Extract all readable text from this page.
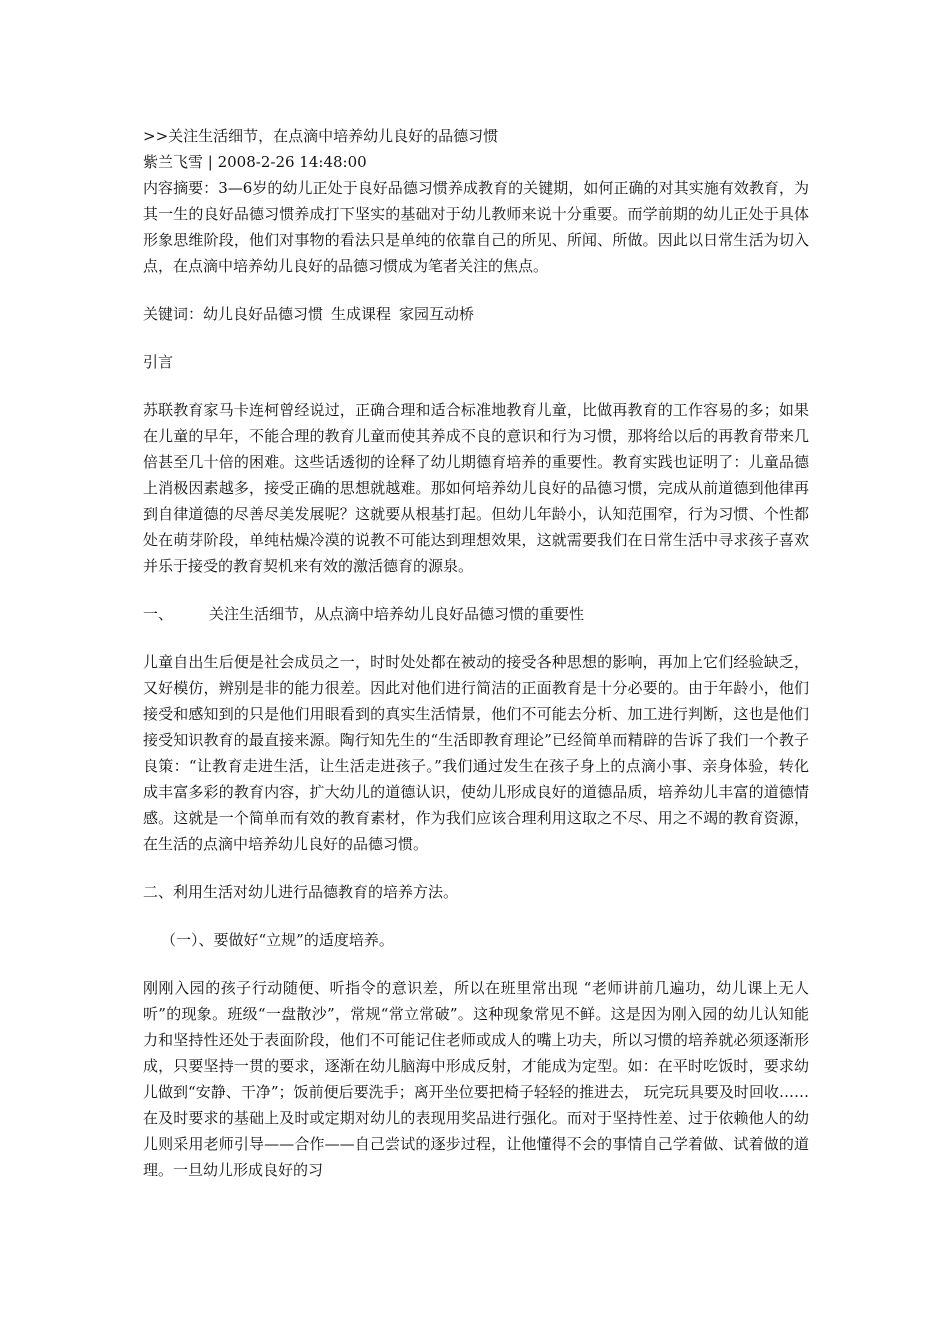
>>关注生活细节，在点滴中培养幼儿良好的品德习惯

紫兰飞雪 | 2008-2-26 14:48:00

内容摘要：3—6岁的幼儿正处于良好品德习惯养成教育的关键期，如何正确的对其实施有效教育，为其一生的良好品德习惯养成打下坚实的基础对于幼儿教师来说十分重要。而学前期的幼儿正处于具体形象思维阶段，他们对事物的看法只是单纯的依靠自己的所见、所闻、所做。因此以日常生活为切入点，在点滴中培养幼儿良好的品德习惯成为笔者关注的焦点。

关键词：幼儿良好品德习惯 生成课程 家园互动桥

引言

苏联教育家马卡连柯曾经说过，正确合理和适合标准地教育儿童，比做再教育的工作容易的多；如果在儿童的早年，不能合理的教育儿童而使其养成不良的意识和行为习惯，那将给以后的再教育带来几倍甚至几十倍的困难。这些话透彻的诠释了幼儿期德育培养的重要性。教育实践也证明了：儿童品德上消极因素越多，接受正确的思想就越难。那如何培养幼儿良好的品德习惯，完成从前道德到他律再到自律道德的尽善尽美发展呢？这就要从根基打起。但幼儿年龄小，认知范围窄，行为习惯、个性都处在萌芽阶段，单纯枯燥冷漠的说教不可能达到理想效果，这就需要我们在日常生活中寻求孩子喜欢并乐于接受的教育契机来有效的激活德育的源泉。

一、 关注生活细节，从点滴中培养幼儿良好品德习惯的重要性

儿童自出生后便是社会成员之一，时时处处都在被动的接受各种思想的影响，再加上它们经验缺乏，又好模仿，辨别是非的能力很差。因此对他们进行简洁的正面教育是十分必要的。由于年龄小，他们接受和感知到的只是他们用眼看到的真实生活情景，他们不可能去分析、加工进行判断，这也是他们接受知识教育的最直接来源。陶行知先生的“生活即教育理论”已经简单而精辟的告诉了我们一个教子良策：“让教育走进生活，让生活走进孩子。”我们通过发生在孩子身上的点滴小事、亲身体验，转化成丰富多彩的教育内容，扩大幼儿的道德认识，使幼儿形成良好的道德品质，培养幼儿丰富的道德情感。这就是一个简单而有效的教育素材，作为我们应该合理利用这取之不尽、用之不竭的教育资源，在生活的点滴中培养幼儿良好的品德习惯。

二、利用生活对幼儿进行品德教育的培养方法。

（一）、要做好“立规”的适度培养。

刚刚入园的孩子行动随便、听指令的意识差，所以在班里常出现 “老师讲前几遍功，幼儿课上无人听”的现象。班级“一盘散沙”，常规“常立常破”。这种现象常见不鲜。这是因为刚入园的幼儿认知能力和坚持性还处于表面阶段，他们不可能记住老师或成人的嘴上功夫，所以习惯的培养就必须逐渐形成，只要坚持一贯的要求，逐渐在幼儿脑海中形成反射，才能成为定型。如：在平时吃饭时，要求幼儿做到“安静、干净”；饭前便后要洗手；离开坐位要把椅子轻轻的推进去， 玩完玩具要及时回收……在及时要求的基础上及时或定期对幼儿的表现用奖品进行强化。而对于坚持性差、过于依赖他人的幼儿则采用老师引导——合作——自己尝试的逐步过程，让他懂得不会的事情自己学着做、试着做的道理。一旦幼儿形成良好的习
